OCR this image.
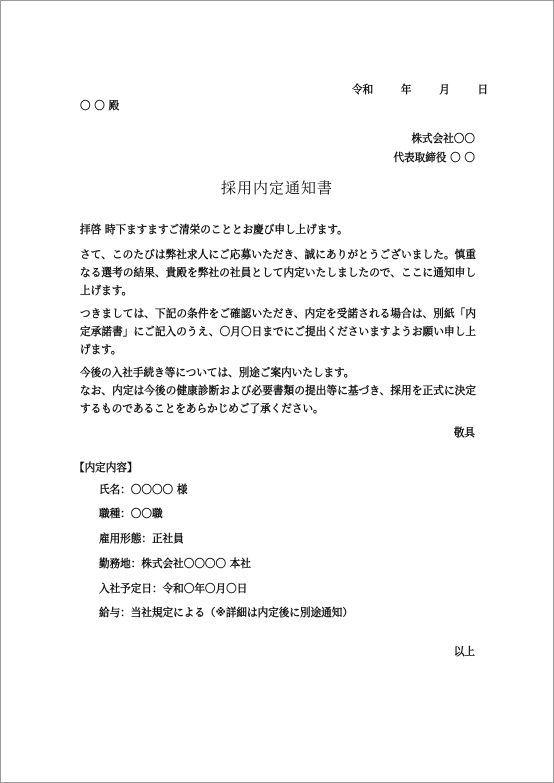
令和	年	月	日
〇 〇 殿
株式会社〇〇
代表取締役 〇 〇
採用内定通知書

拝啓 時下ますますご清栄のこととお慶び申し上げます。

さて、このたびは弊社求人にご応募いただき、誠にありがとうございました。慎重なる選考の結果、貴殿を弊社の社員として内定いたしましたので、ここに通知申し上げます。

つきましては、下記の条件をご確認いただき、内定を受諾される場合は、別紙「内定承諾書」にご記入のうえ、〇月〇日までにご提出くださいますようお願い申し上げます。

今後の入社手続き等については、別途ご案内いたします。

なお、内定は今後の健康診断および必要書類の提出等に基づき、採用を正式に決定するものであることをあらかじめご了承ください。

敬具
【内定内容】
氏名：〇〇〇〇 様
職種：〇〇職
雇用形態：正社員
勤務地：株式会社〇〇〇〇 本社
入社予定日：令和〇年〇月〇日
給与：当社規定による（※詳細は内定後に別途通知）
以上
